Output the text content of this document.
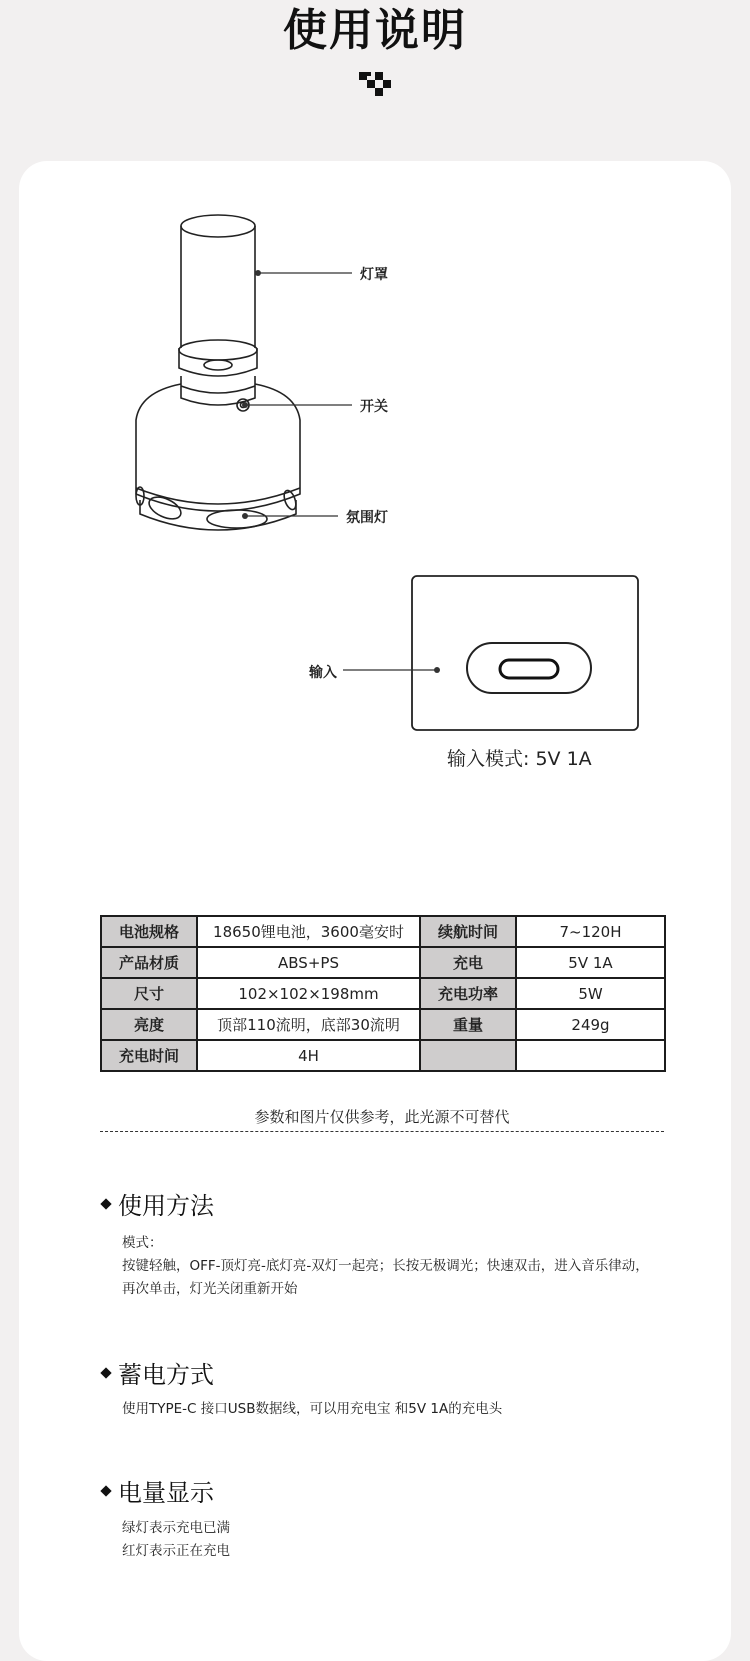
使用说明
灯罩
开关
氛围灯
输入
输入模式: 5V 1A
电池规格	18650锂电池，3600毫安时	续航时间	7~120H
产品材质	ABS+PS	充电	5V 1A
尺寸	102×102×198mm	充电功率	5W
亮度	顶部110流明，底部30流明	重量	249g
充电时间	4H		
参数和图片仅供参考，此光源不可替代
使用方法
模式：
按键轻触，OFF-顶灯亮-底灯亮-双灯一起亮；长按无极调光；快速双击，进入音乐律动，
再次单击，灯光关闭重新开始
蓄电方式
使用TYPE-C 接口USB数据线，可以用充电宝 和5V 1A的充电头
电量显示
绿灯表示充电已满
红灯表示正在充电
